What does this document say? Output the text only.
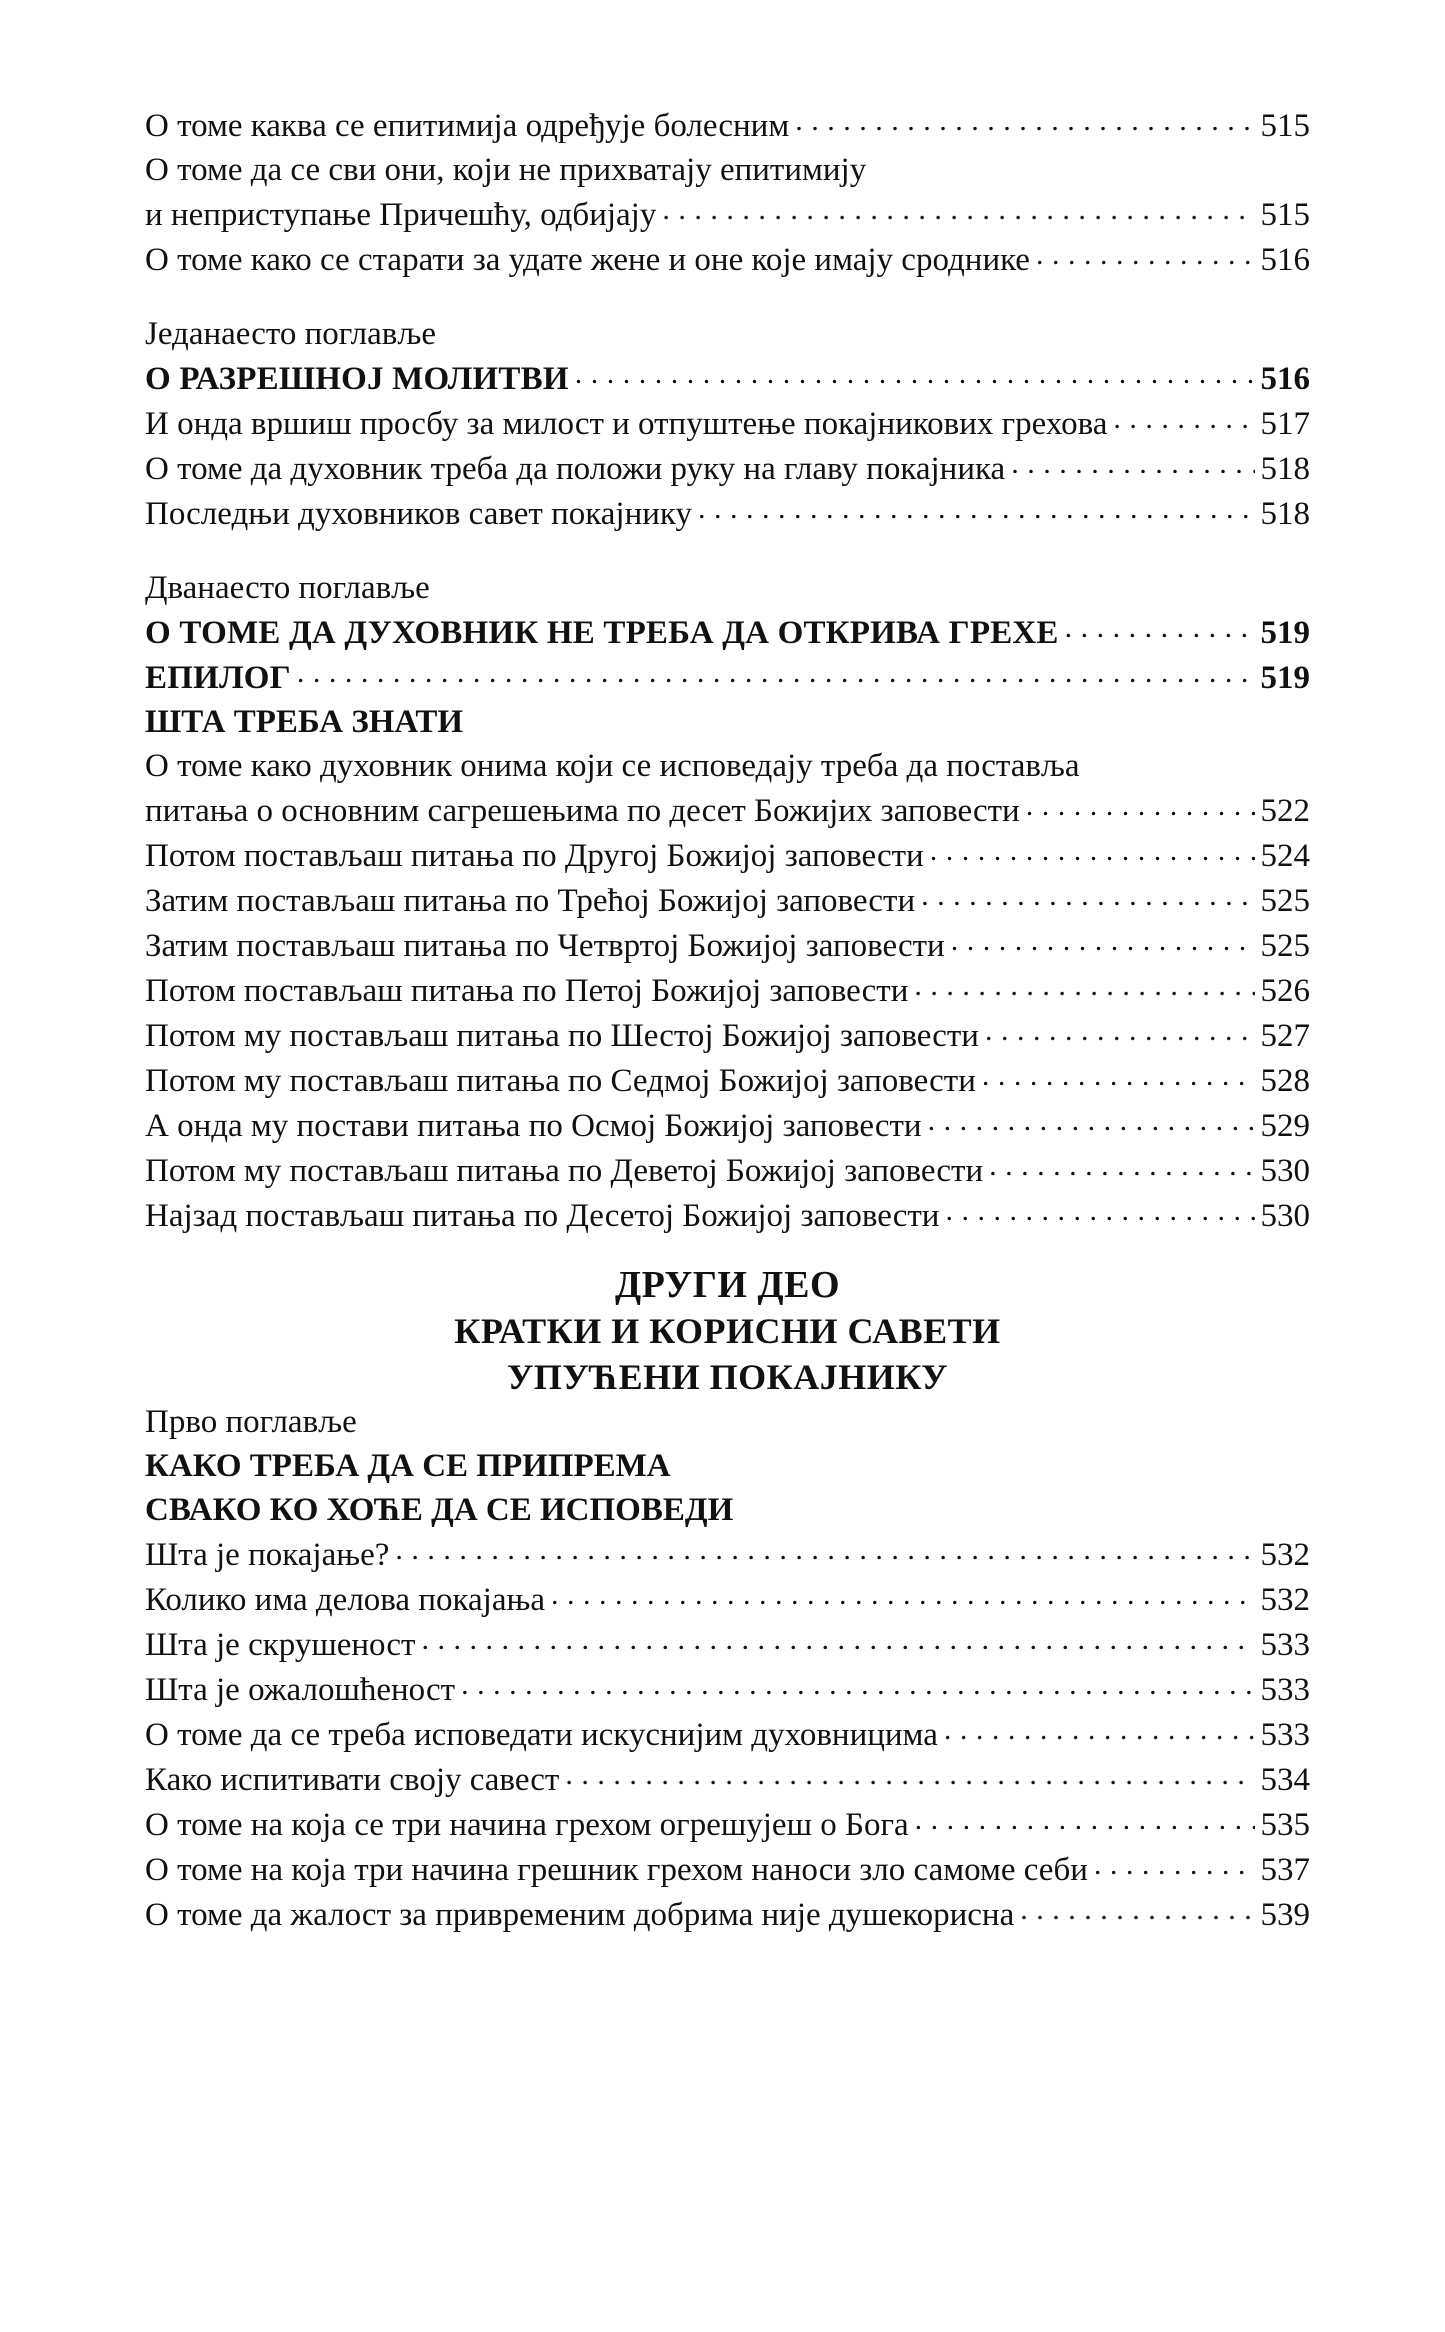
О томе каква се епитимија одређује болесним . . .	515
О томе да се сви они, који не прихватају епитимију
и неприступање Причешћу, одбијају . . .	515
О томе како се старати за удате жене и оне које имају сроднике . . .	516
Једанаесто поглавље
О РАЗРЕШНОЈ МОЛИТВИ . . .	516
И онда вршиш просбу за милост и отпуштење покајникових грехова . . .	517
О томе да духовник треба да положи руку на главу покајника . . .	518
Последњи духовников савет покајнику . . .	518
Дванаесто поглавље
О ТОМЕ ДА ДУХОВНИК НЕ ТРЕБА ДА ОТКРИВА ГРЕХЕ . . .	519
ЕПИЛОГ . . .	519
ШТА ТРЕБА ЗНАТИ
О томе како духовник онима који се исповедају треба да поставља
питања о основним сагрешењима по десет Божијих заповести . . .	522
Потом постављаш питања по Другој Божијој заповести . . .	524
Затим постављаш питања по Трећој Божијој заповести . . .	525
Затим постављаш питања по Четвртој Божијој заповести . . .	525
Потом постављаш питања по Петој Божијој заповести . . .	526
Потом му постављаш питања по Шестој Божијој заповести . . .	527
Потом му постављаш питања по Седмој Божијој заповести . . .	528
А онда му постави питања по Осмој Божијој заповести . . .	529
Потом му постављаш питања по Деветој Божијој заповести . . .	530
Најзад постављаш питања по Десетој Божијој заповести . . .	530
ДРУГИ ДЕО
КРАТКИ И КОРИСНИ САВЕТИ
УПУЋЕНИ ПОКАЈНИКУ
Прво поглавље
КАКО ТРЕБА ДА СЕ ПРИПРЕМА
СВАКО КО ХОЋЕ ДА СЕ ИСПОВЕДИ
Шта је покајање? . . .	532
Колико има делова покајања . . .	532
Шта је скрушеност . . .	533
Шта је ожалошћеност . . .	533
О томе да се треба исповедати искуснијим духовницима . . .	533
Како испитивати своју савест . . .	534
О томе на која се три начина грехом огрешујеш о Бога . . .	535
О томе на која три начина грешник грехом наноси зло самоме себи . . .	537
О томе да жалост за привременим добрима није душекорисна . . .	539
